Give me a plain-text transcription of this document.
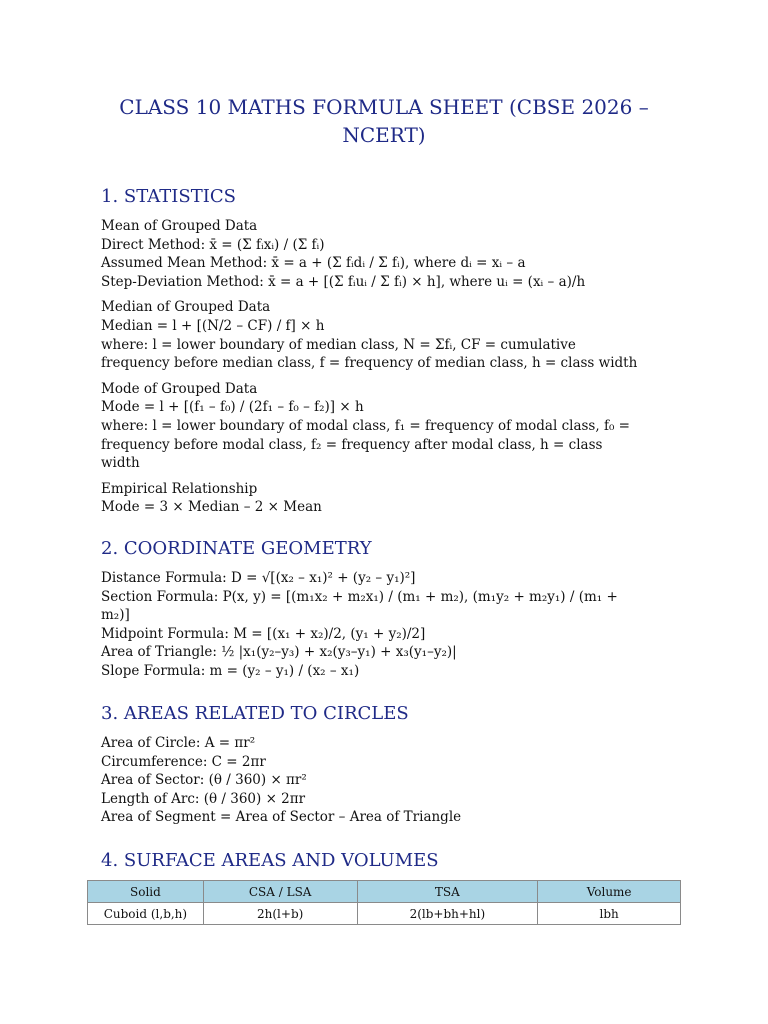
CLASS 10 MATHS FORMULA SHEET (CBSE 2026 – NCERT)
1. STATISTICS
Mean of Grouped Data
Direct Method: x̄ = (Σ fᵢxᵢ) / (Σ fᵢ)
Assumed Mean Method: x̄ = a + (Σ fᵢdᵢ / Σ fᵢ), where dᵢ = xᵢ – a
Step-Deviation Method: x̄ = a + [(Σ fᵢuᵢ / Σ fᵢ) × h], where uᵢ = (xᵢ – a)/h
Median of Grouped Data
Median = l + [(N/2 – CF) / f] × h
where: l = lower boundary of median class, N = Σfᵢ, CF = cumulative
frequency before median class, f = frequency of median class, h = class width
Mode of Grouped Data
Mode = l + [(f₁ – f₀) / (2f₁ – f₀ – f₂)] × h
where: l = lower boundary of modal class, f₁ = frequency of modal class, f₀ =
frequency before modal class, f₂ = frequency after modal class, h = class
width
Empirical Relationship
Mode = 3 × Median – 2 × Mean
2. COORDINATE GEOMETRY
Distance Formula: D = √[(x₂ – x₁)² + (y₂ – y₁)²]
Section Formula: P(x, y) = [(m₁x₂ + m₂x₁) / (m₁ + m₂), (m₁y₂ + m₂y₁) / (m₁ +
m₂)]
Midpoint Formula: M = [(x₁ + x₂)/2, (y₁ + y₂)/2]
Area of Triangle: ½ |x₁(y₂–y₃) + x₂(y₃–y₁) + x₃(y₁–y₂)|
Slope Formula: m = (y₂ – y₁) / (x₂ – x₁)
3. AREAS RELATED TO CIRCLES
Area of Circle: A = πr²
Circumference: C = 2πr
Area of Sector: (θ / 360) × πr²
Length of Arc: (θ / 360) × 2πr
Area of Segment = Area of Sector – Area of Triangle
4. SURFACE AREAS AND VOLUMES
Solid	CSA / LSA	TSA	Volume
Cuboid (l,b,h)	2h(l+b)	2(lb+bh+hl)	lbh
